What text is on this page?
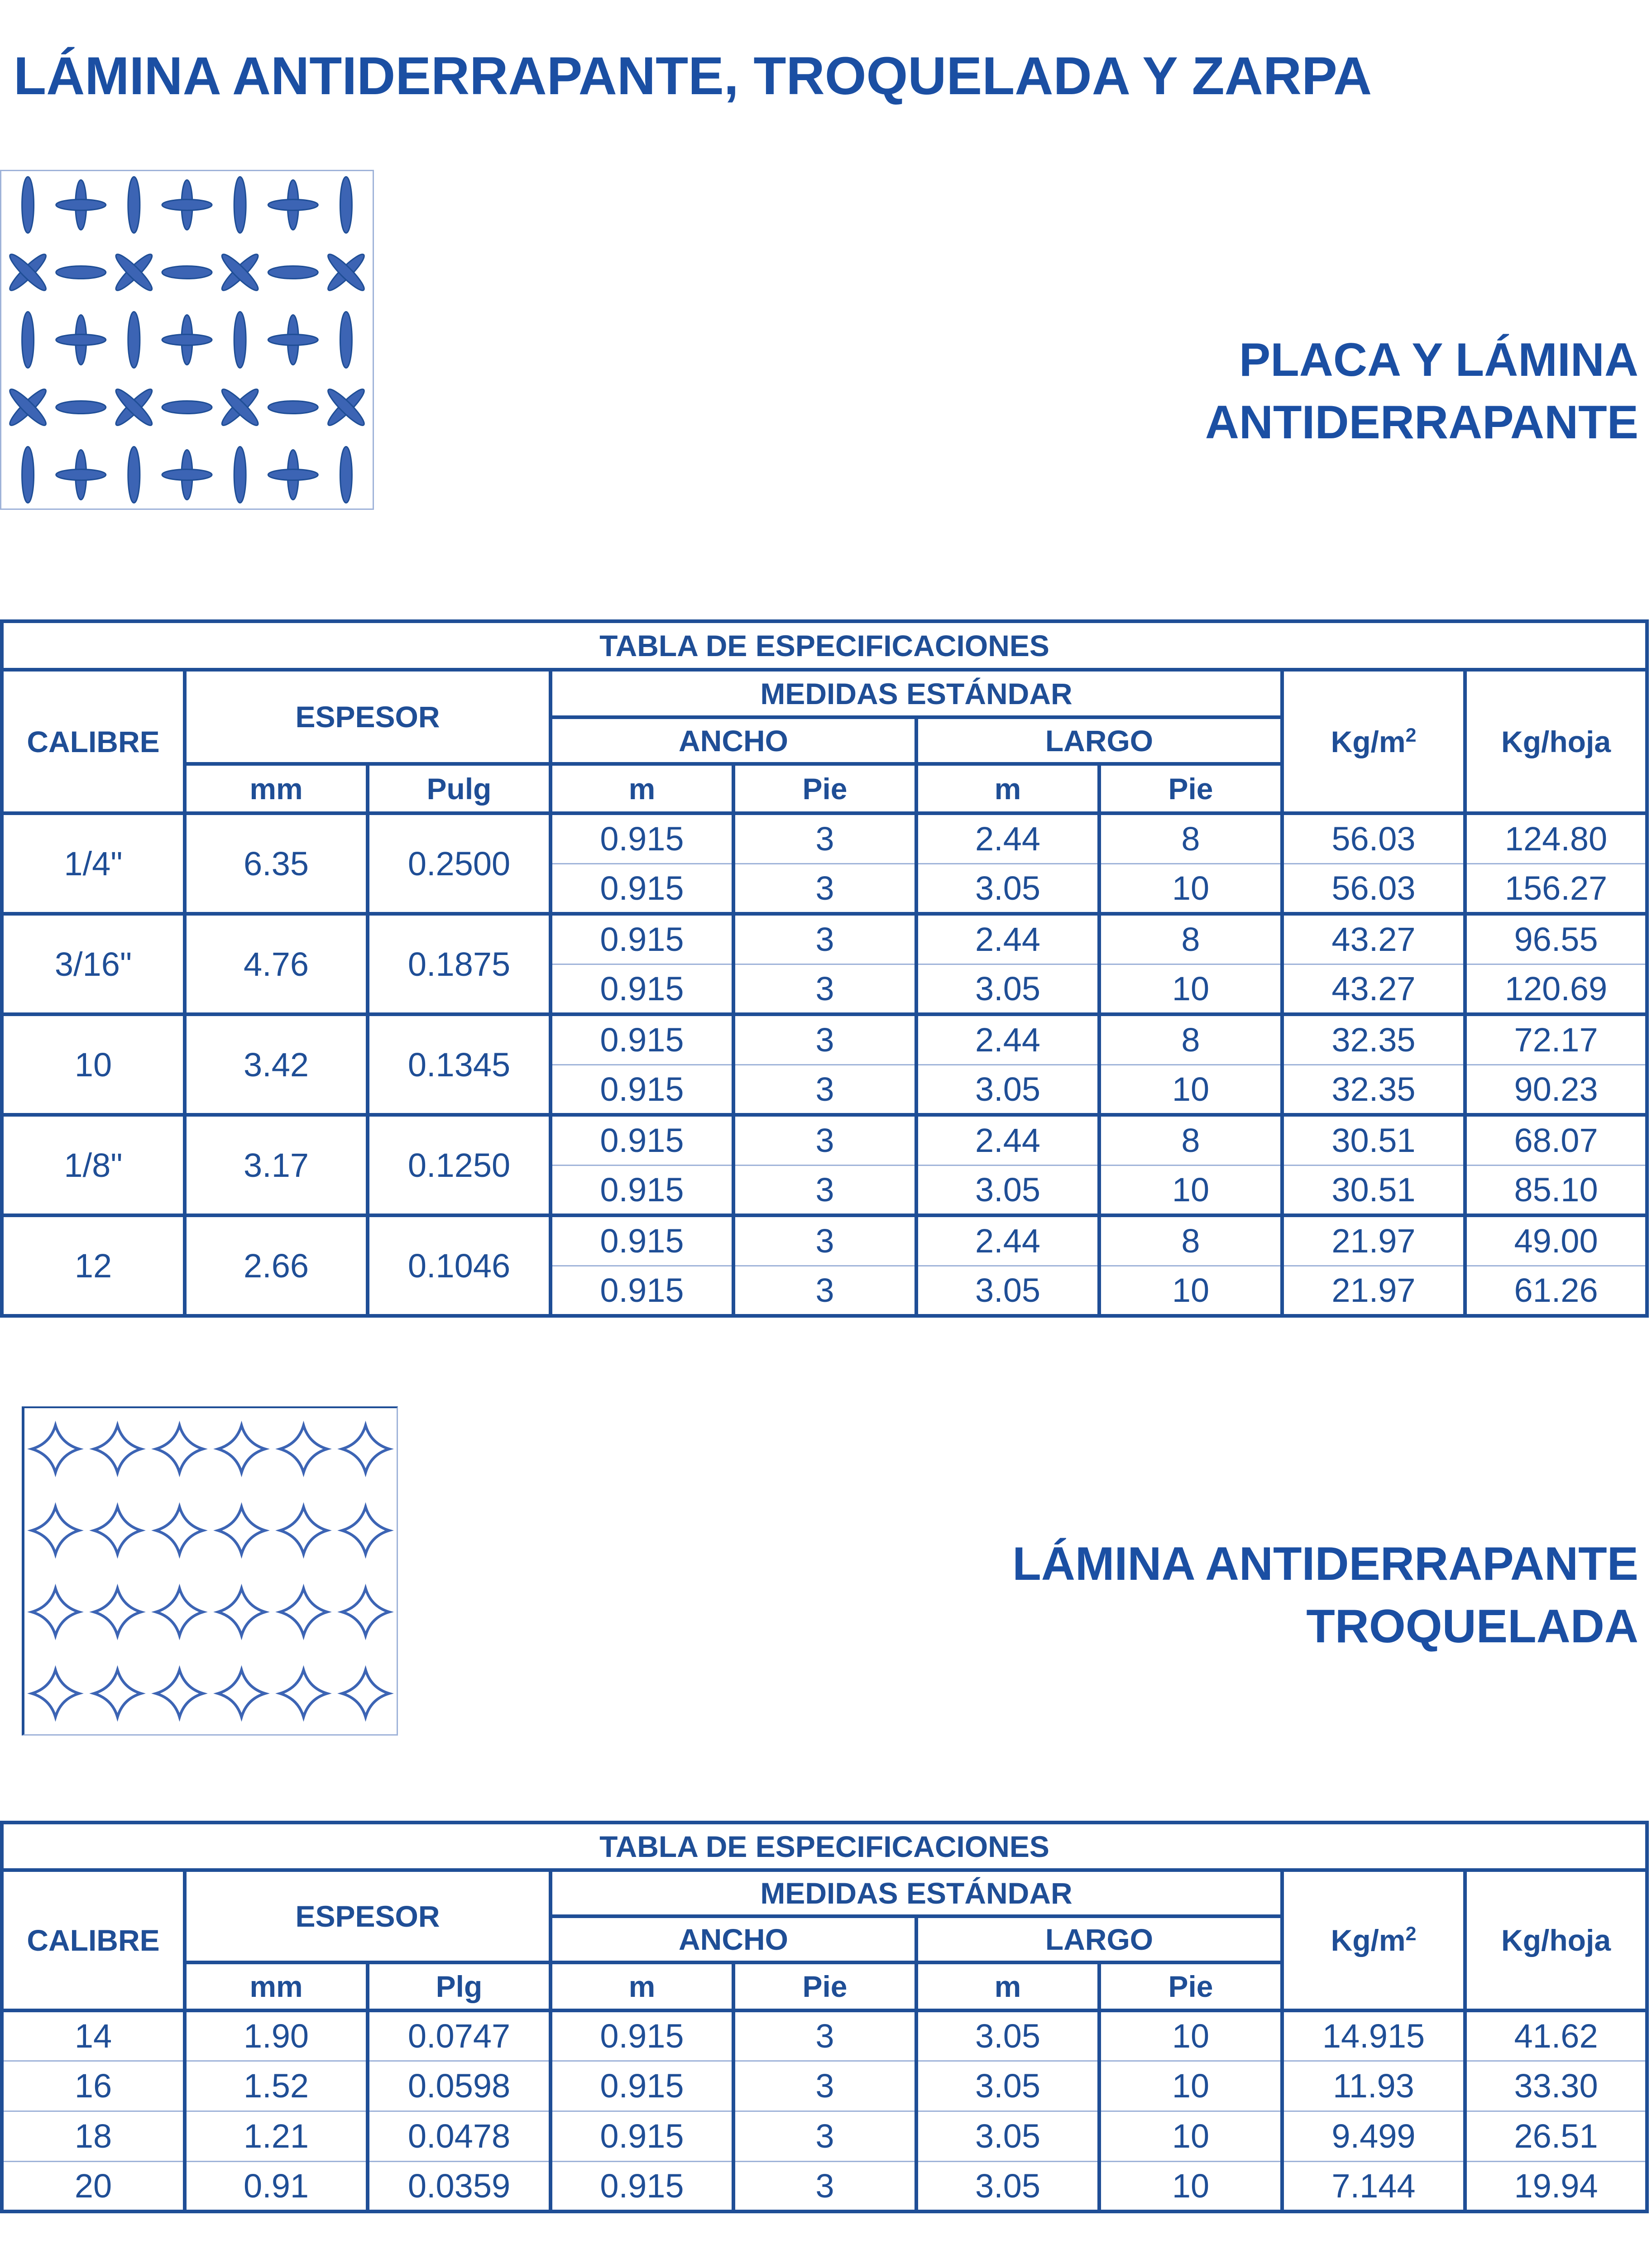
LÁMINA ANTIDERRAPANTE, TROQUELADA Y ZARPA
PLACA Y LÁMINA
ANTIDERRAPANTE
TABLA DE ESPECIFICACIONES								
CALIBRE	ESPESOR		MEDIDAS ESTÁNDAR				$Kg/m^2$	Kg/hoja
			ANCHO		LARGO			
	mm	Pulg	m	Pie	m	Pie		
1/4"	6.35	0.2500	0.915	3	2.44	8	56.03	124.80
			0.915	3	3.05	10	56.03	156.27
3/16"	4.76	0.1875	0.915	3	2.44	8	43.27	96.55
			0.915	3	3.05	10	43.27	120.69
10	3.42	0.1345	0.915	3	2.44	8	32.35	72.17
			0.915	3	3.05	10	32.35	90.23
1/8"	3.17	0.1250	0.915	3	2.44	8	30.51	68.07
			0.915	3	3.05	10	30.51	85.10
12	2.66	0.1046	0.915	3	2.44	8	21.97	49.00
			0.915	3	3.05	10	21.97	61.26
LÁMINA ANTIDERRAPANTE
TROQUELADA
TABLA DE ESPECIFICACIONES								
CALIBRE	ESPESOR		MEDIDAS ESTÁNDAR				$Kg/m^2$	Kg/hoja
			ANCHO		LARGO			
	mm	Plg	m	Pie	m	Pie		
14	1.90	0.0747	0.915	3	3.05	10	14.915	41.62
16	1.52	0.0598	0.915	3	3.05	10	11.93	33.30
18	1.21	0.0478	0.915	3	3.05	10	9.499	26.51
20	0.91	0.0359	0.915	3	3.05	10	7.144	19.94
